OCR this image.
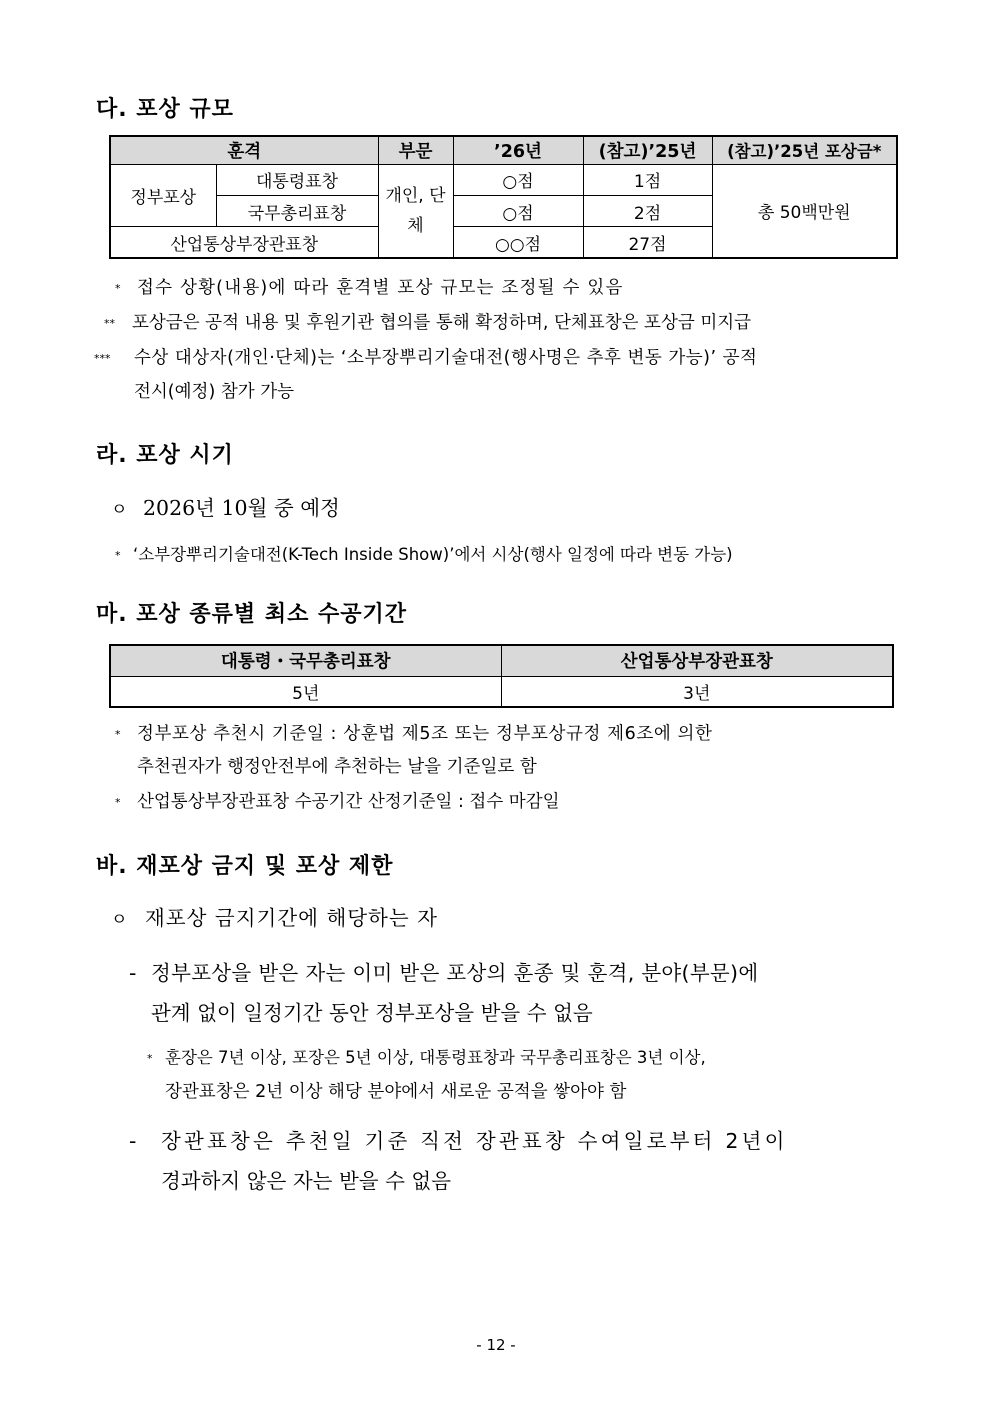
다. 포상 규모
훈격		부문	’26년	(참고)’25년	(참고)’25년 포상금*
정부포상	대통령표창	개인, 단체	○점	1점	총 50백만원
	국무총리표창		○점	2점	
산업통상부장관표창			○○점	27점	
* 접수 상황(내용)에 따라 훈격별 포상 규모는 조정될 수 있음
** 포상금은 공적 내용 및 후원기관 협의를 통해 확정하며, 단체표창은 포상금 미지급
*** 수상 대상자(개인·단체)는 ‘소부장뿌리기술대전(행사명은 추후 변동 가능)’ 공적
전시(예정) 참가 가능
라. 포상 시기
ㅇ 2026년 10월 중 예정
* ‘소부장뿌리기술대전(K-Tech Inside Show)’에서 시상(행사 일정에 따라 변동 가능)
마. 포상 종류별 최소 수공기간
대통령・국무총리표창	산업통상부장관표창
5년	3년
* 정부포상 추천시 기준일 : 상훈법 제5조 또는 정부포상규정 제6조에 의한
추천권자가 행정안전부에 추천하는 날을 기준일로 함
* 산업통상부장관표창 수공기간 산정기준일 : 접수 마감일
바. 재포상 금지 및 포상 제한
ㅇ 재포상 금지기간에 해당하는 자
- 정부포상을 받은 자는 이미 받은 포상의 훈종 및 훈격, 분야(부문)에
관계 없이 일정기간 동안 정부포상을 받을 수 없음
* 훈장은 7년 이상, 포장은 5년 이상, 대통령표창과 국무총리표창은 3년 이상,
장관표창은 2년 이상 해당 분야에서 새로운 공적을 쌓아야 함
- 장관표창은 추천일 기준 직전 장관표창 수여일로부터 2년이
경과하지 않은 자는 받을 수 없음
- 12 -
